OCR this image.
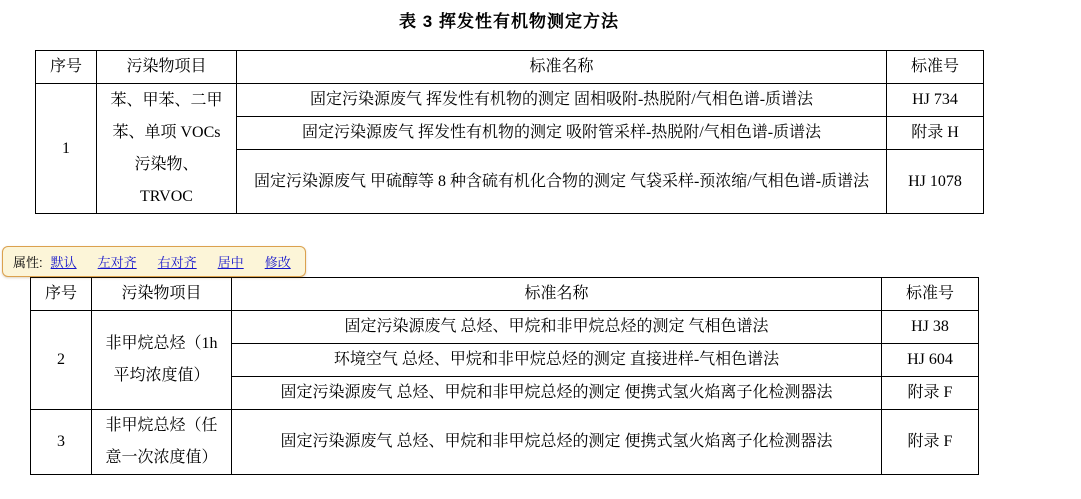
表 3 挥发性有机物测定方法
序号	污染物项目	标准名称	标准号
1	苯、甲苯、二甲苯、单项 VOCs 污染物、TRVOC	固定污染源废气 挥发性有机物的测定 固相吸附-热脱附/气相色谱-质谱法	HJ 734
		固定污染源废气 挥发性有机物的测定 吸附管采样-热脱附/气相色谱-质谱法	附录 H
		固定污染源废气 甲硫醇等 8 种含硫有机化合物的测定 气袋采样-预浓缩/气相色谱-质谱法	HJ 1078
属性: 默认 左对齐 右对齐 居中 修改
序号	污染物项目	标准名称	标准号
2	非甲烷总烃（1h 平均浓度值）	固定污染源废气 总烃、甲烷和非甲烷总烃的测定 气相色谱法	HJ 38
		环境空气 总烃、甲烷和非甲烷总烃的测定 直接进样-气相色谱法	HJ 604
		固定污染源废气 总烃、甲烷和非甲烷总烃的测定 便携式氢火焰离子化检测器法	附录 F
3	非甲烷总烃（任意一次浓度值）	固定污染源废气 总烃、甲烷和非甲烷总烃的测定 便携式氢火焰离子化检测器法	附录 F
